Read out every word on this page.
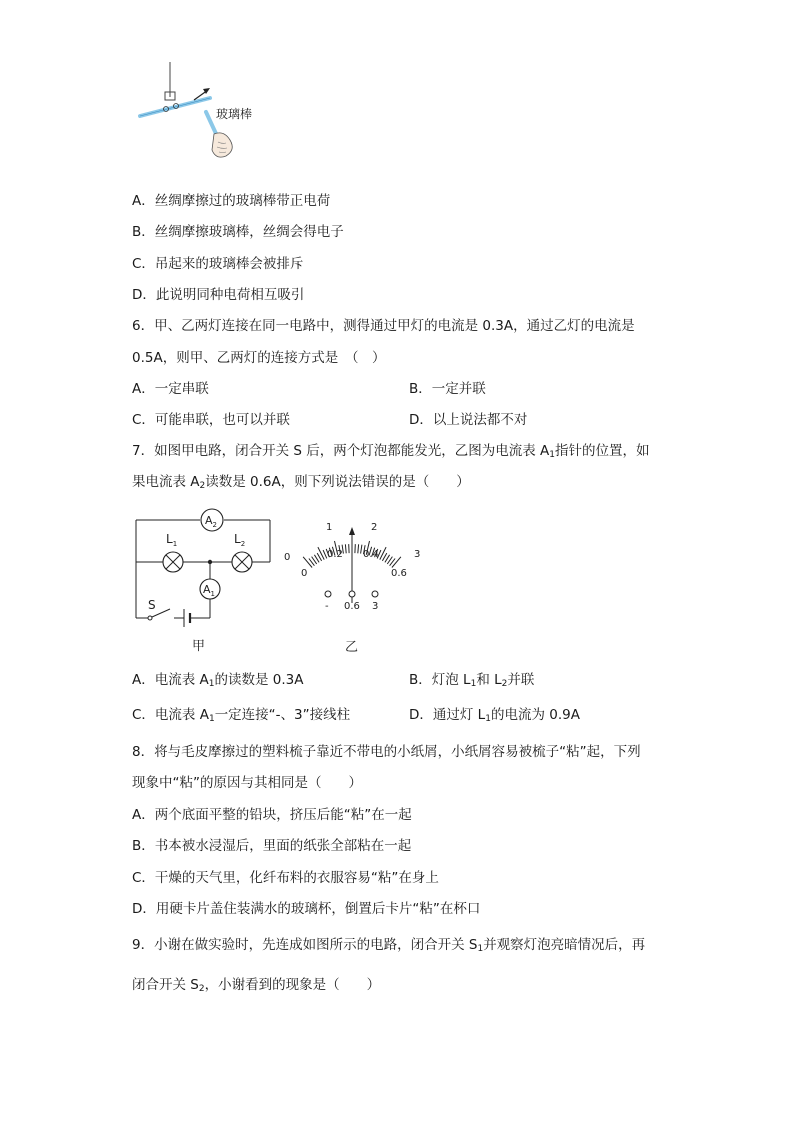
玻璃棒
A．丝绸摩擦过的玻璃棒带正电荷
B．丝绸摩擦玻璃棒，丝绸会得电子
C．吊起来的玻璃棒会被排斥
D．此说明同种电荷相互吸引
6．甲、乙两灯连接在同一电路中，测得通过甲灯的电流是 0.3A，通过乙灯的电流是
0.5A，则甲、乙两灯的连接方式是　（　）
A．一定串联	B．一定并联
C．可能串联，也可以并联	D．以上说法都不对
7．如图甲电路，闭合开关 S 后，两个灯泡都能发光，乙图为电流表 $A_1$指针的位置，如
果电流表 $A_2$读数是 0.6A，则下列说法错误的是（　　）
$A_2$
$L_1$	$L_2$
$A_1$
S
甲
0
1	2
3
0
0.2 0.4
0.6
- 0.6 3
乙
A．电流表 $A_1$的读数是 0.3A	B．灯泡 $L_1$和 $L_2$并联
C．电流表 $A_1$一定连接“-、3”接线柱	D．通过灯 $L_1$的电流为 0.9A
8．将与毛皮摩擦过的塑料梳子靠近不带电的小纸屑，小纸屑容易被梳子“粘”起，下列
现象中“粘”的原因与其相同是（　　）
A．两个底面平整的铅块，挤压后能“粘”在一起
B．书本被水浸湿后，里面的纸张全部粘在一起
C．干燥的天气里，化纤布料的衣服容易“粘”在身上
D．用硬卡片盖住装满水的玻璃杯，倒置后卡片“粘”在杯口
9．小谢在做实验时，先连成如图所示的电路，闭合开关 $S_1$并观察灯泡亮暗情况后，再
闭合开关 $S_2$，小谢看到的现象是（　　）
